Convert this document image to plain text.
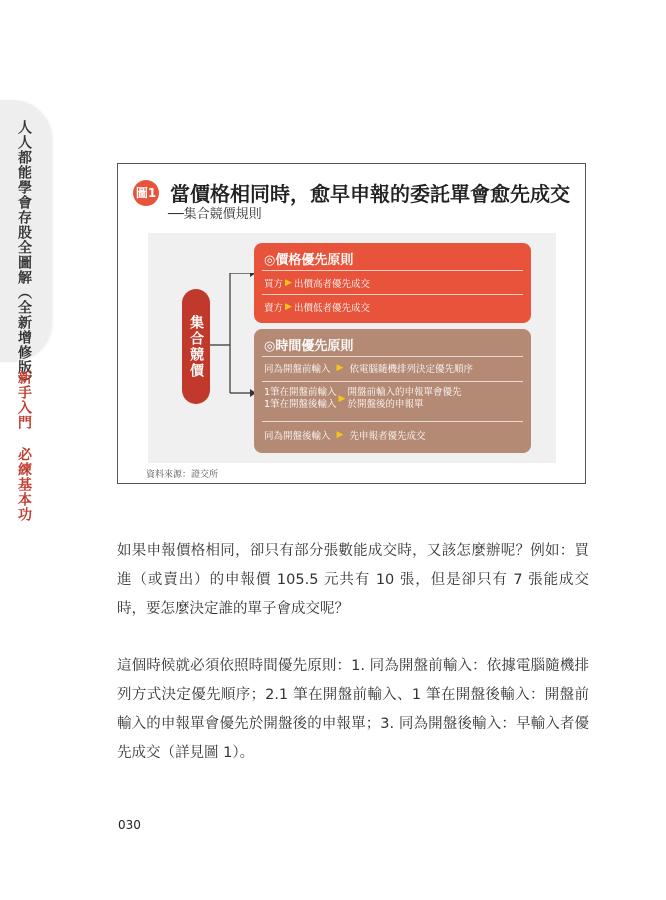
人人都能學會存股全圖解（全新增修版）
新手入門 必練基本功
圖1 當價格相同時，愈早申報的委託單會愈先成交
──集合競價規則
集合競價
◎價格優先原則
買方 ▶ 出價高者優先成交
賣方 ▶ 出價低者優先成交
◎時間優先原則
同為開盤前輸入 ▶ 依電腦隨機排列決定優先順序
1筆在開盤前輸入
1筆在開盤後輸入 ▶
開盤前輸入的申報單會優先
於開盤後的申報單
同為開盤後輸入 ▶ 先申報者優先成交
資料來源：證交所

如果申報價格相同，卻只有部分張數能成交時，又該怎麼辦呢？例如：買進（或賣出）的申報價 105.5 元共有 10 張，但是卻只有 7 張能成交時，要怎麼決定誰的單子會成交呢？

這個時候就必須依照時間優先原則：1. 同為開盤前輸入：依據電腦隨機排列方式決定優先順序；2.1 筆在開盤前輸入、1 筆在開盤後輸入：開盤前輸入的申報單會優先於開盤後的申報單；3. 同為開盤後輸入：早輸入者優先成交（詳見圖 1）。

030
